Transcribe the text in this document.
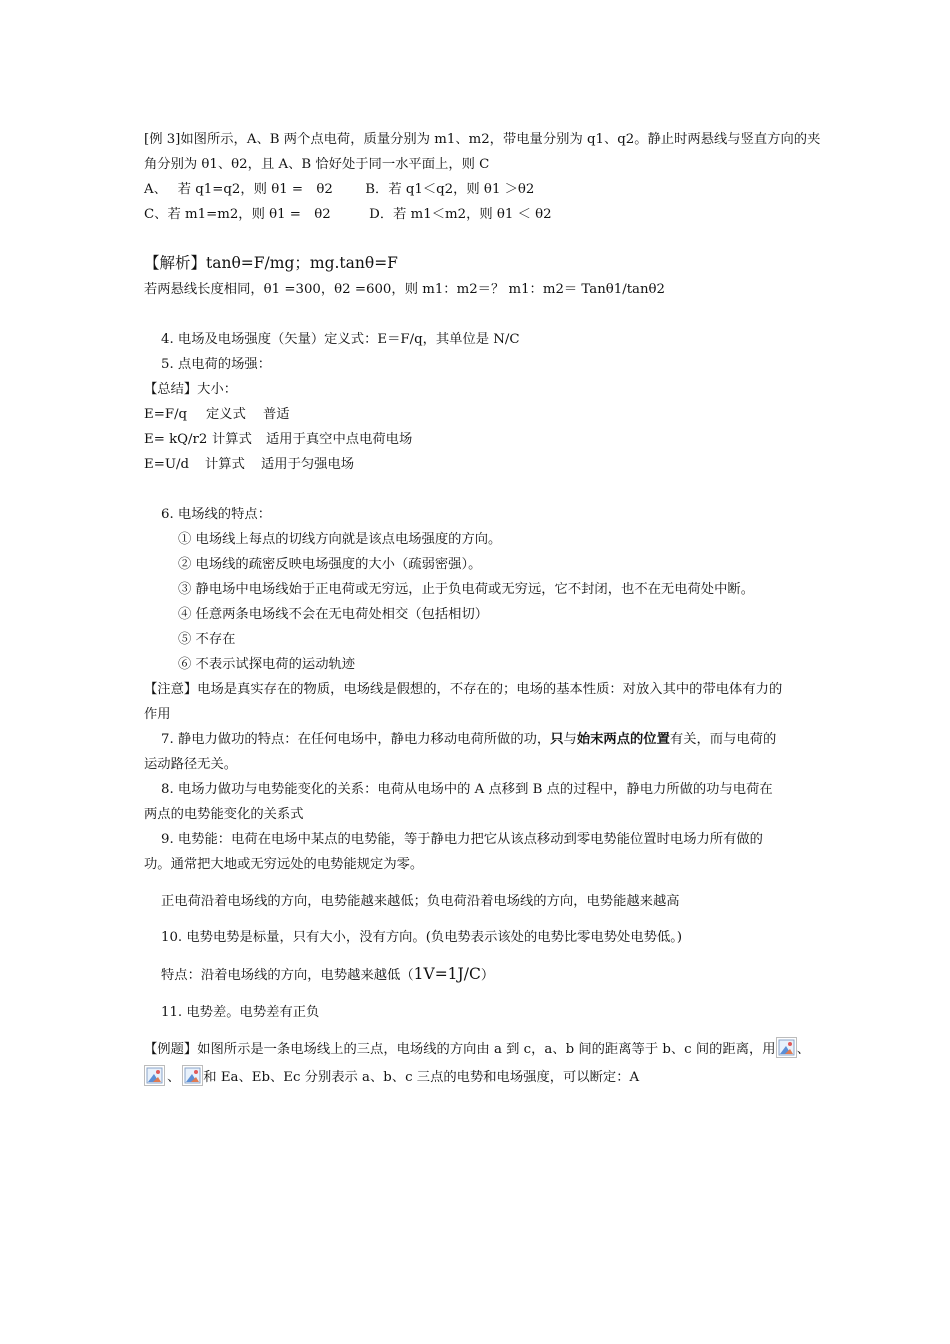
[例 3]如图所示，A、B 两个点电荷，质量分别为 m1、m2，带电量分别为 q1、q2。静止时两悬线与竖直方向的夹
角分别为 θ1、θ2，且 A、B 恰好处于同一水平面上，则 C
A、　 若 q1=q2，则 θ1 =　θ2 B．若 q1＜q2，则 θ1 ＞θ2
C、若 m1=m2，则 θ1 =　θ2	D．若 m1＜m2，则 θ1 ＜ θ2
【解析】tanθ=F/mg；mg.tanθ=F
若两悬线长度相同，θ1 =300，θ2 =600，则 m1：m2＝？ m1：m2＝ Tanθ1/tanθ2
4. 电场及电场强度（矢量）定义式：E＝F/q，其单位是 N/C
5. 点电荷的场强：
【总结】大小：
E=F/q 定义式 普适
E= kQ/r2 计算式 适用于真空中点电荷电场
E=U/d 计算式 适用于匀强电场
6. 电场线的特点：
① 电场线上每点的切线方向就是该点电场强度的方向。
② 电场线的疏密反映电场强度的大小（疏弱密强）。
③ 静电场中电场线始于正电荷或无穷远，止于负电荷或无穷远，它不封闭，也不在无电荷处中断。
④ 任意两条电场线不会在无电荷处相交（包括相切）
⑤ 不存在
⑥ 不表示试探电荷的运动轨迹
【注意】电场是真实存在的物质，电场线是假想的，不存在的；电场的基本性质：对放入其中的带电体有力的
作用
7. 静电力做功的特点：在任何电场中，静电力移动电荷所做的功，只与始末两点的位置有关，而与电荷的
运动路径无关。
8. 电场力做功与电势能变化的关系：电荷从电场中的 A 点移到 B 点的过程中，静电力所做的功与电荷在
两点的电势能变化的关系式
9. 电势能：电荷在电场中某点的电势能，等于静电力把它从该点移动到零电势能位置时电场力所有做的
功。通常把大地或无穷远处的电势能规定为零。
正电荷沿着电场线的方向，电势能越来越低；负电荷沿着电场线的方向，电势能越来越高
10. 电势电势是标量，只有大小，没有方向。(负电势表示该处的电势比零电势处电势低。)
特点：沿着电场线的方向，电势越来越低（1V=1J/C）
11. 电势差。电势差有正负
【例题】如图所示是一条电场线上的三点，电场线的方向由 a 到 c，a、b 间的距离等于 b、c 间的距离，用 、
、 和 Ea、Eb、Ec 分别表示 a、b、c 三点的电势和电场强度，可以断定：A
